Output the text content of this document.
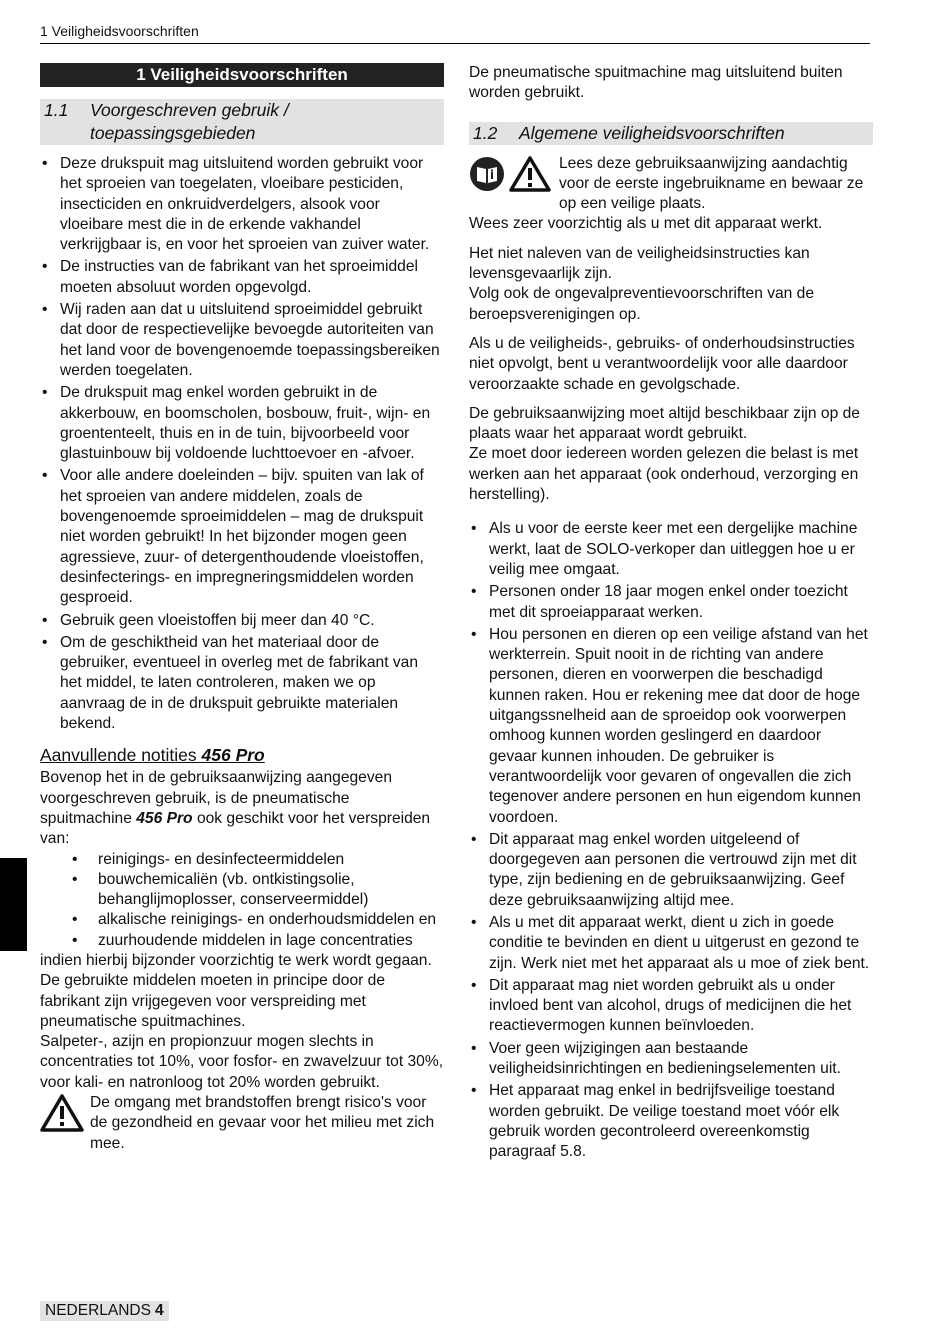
1 Veiligheidsvoorschriften
1 Veiligheidsvoorschriften
1.1	Voorgeschreven gebruik / toepassingsgebieden
• Deze drukspuit mag uitsluitend worden gebruikt voor het sproeien van toegelaten, vloeibare pesticiden, insecticiden en onkruidverdelgers, alsook voor vloeibare mest die in de erkende vakhandel verkrijgbaar is, en voor het sproeien van zuiver water.
• De instructies van de fabrikant van het sproeimiddel moeten absoluut worden opgevolgd.
• Wij raden aan dat u uitsluitend sproeimiddel gebruikt dat door de respectievelijke bevoegde autoriteiten van het land voor de bovengenoemde toepassingsbereiken werden toegelaten.
• De drukspuit mag enkel worden gebruikt in de akkerbouw, en boomscholen, bosbouw, fruit-, wijn- en groententeelt, thuis en in de tuin, bijvoorbeeld voor glastuinbouw bij voldoende luchttoevoer en -afvoer.
• Voor alle andere doeleinden – bijv. spuiten van lak of het sproeien van andere middelen, zoals de bovengenoemde sproeimiddelen – mag de drukspuit niet worden gebruikt! In het bijzonder mogen geen agressieve, zuur- of detergenthoudende vloeistoffen, desinfecterings- en impregneringsmiddelen worden gesproeid.
• Gebruik geen vloeistoffen bij meer dan 40 °C.
• Om de geschiktheid van het materiaal door de gebruiker, eventueel in overleg met de fabrikant van het middel, te laten controleren, maken we op aanvraag de in de drukspuit gebruikte materialen bekend.
Aanvullende notities 456 Pro

Bovenop het in de gebruiksaanwijzing aangegeven voorgeschreven gebruik, is de pneumatische spuitmachine 456 Pro ook geschikt voor het verspreiden van:

• reinigings- en desinfecteermiddelen
• bouwchemicaliën (vb. ontkistingsolie, behanglijmoplosser, conserveermiddel)
• alkalische reinigings- en onderhoudsmiddelen en
• zuurhoudende middelen in lage concentraties
indien hierbij bijzonder voorzichtig te werk wordt gegaan.
De gebruikte middelen moeten in principe door de fabrikant zijn vrijgegeven voor verspreiding met pneumatische spuitmachines.
Salpeter-, azijn en propionzuur mogen slechts in concentraties tot 10%, voor fosfor- en zwavelzuur tot 30%, voor kali- en natronloog tot 20% worden gebruikt.
De omgang met brandstoffen brengt risico's voor de gezondheid en gevaar voor het milieu met zich mee.

De pneumatische spuitmachine mag uitsluitend buiten worden gebruikt.

1.2	Algemene veiligheidsvoorschriften
Lees deze gebruiksaanwijzing aandachtig voor de eerste ingebruikname en bewaar ze op een veilige plaats.

Wees zeer voorzichtig als u met dit apparaat werkt.

Het niet naleven van de veiligheidsinstructies kan levensgevaarlijk zijn.

Volg ook de ongevalpreventievoorschriften van de beroepsverenigingen op.

Als u de veiligheids-, gebruiks- of onderhoudsinstructies niet opvolgt, bent u verantwoordelijk voor alle daardoor veroorzaakte schade en gevolgschade.

De gebruiksaanwijzing moet altijd beschikbaar zijn op de plaats waar het apparaat wordt gebruikt.

Ze moet door iedereen worden gelezen die belast is met werken aan het apparaat (ook onderhoud, verzorging en herstelling).

• Als u voor de eerste keer met een dergelijke machine werkt, laat de SOLO-verkoper dan uitleggen hoe u er veilig mee omgaat.
• Personen onder 18 jaar mogen enkel onder toezicht met dit sproeiapparaat werken.
• Hou personen en dieren op een veilige afstand van het werkterrein. Spuit nooit in de richting van andere personen, dieren en voorwerpen die beschadigd kunnen raken. Hou er rekening mee dat door de hoge uitgangssnelheid aan de sproeidop ook voorwerpen omhoog kunnen worden geslingerd en daardoor gevaar kunnen inhouden. De gebruiker is verantwoordelijk voor gevaren of ongevallen die zich tegenover andere personen en hun eigendom kunnen voordoen.
• Dit apparaat mag enkel worden uitgeleend of doorgegeven aan personen die vertrouwd zijn met dit type, zijn bediening en de gebruiksaanwijzing. Geef deze gebruiksaanwijzing altijd mee.
• Als u met dit apparaat werkt, dient u zich in goede conditie te bevinden en dient u uitgerust en gezond te zijn. Werk niet met het apparaat als u moe of ziek bent.
• Dit apparaat mag niet worden gebruikt als u onder invloed bent van alcohol, drugs of medicijnen die het reactievermogen kunnen beïnvloeden.
• Voer geen wijzigingen aan bestaande veiligheidsinrichtingen en bedieningselementen uit.
• Het apparaat mag enkel in bedrijfsveilige toestand worden gebruikt. De veilige toestand moet vóór elk gebruik worden gecontroleerd overeenkomstig paragraaf 5.8.
NEDERLANDS 4
